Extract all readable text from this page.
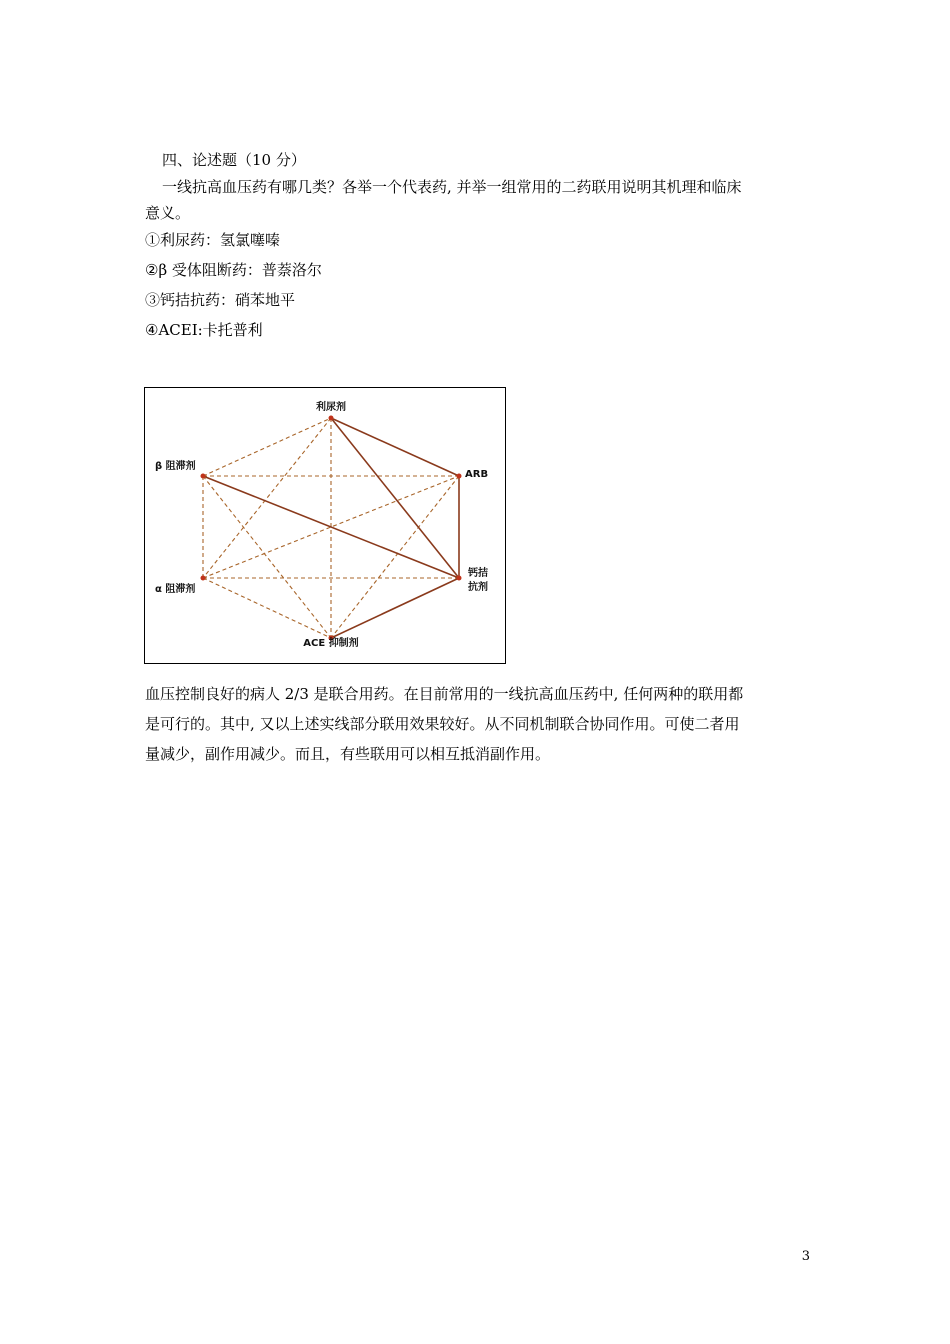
四、论述题（10 分）
一线抗高血压药有哪几类？各举一个代表药, 并举一组常用的二药联用说明其机理和临床
意义。
①利尿药：氢氯噻嗪
②β 受体阻断药：普萘洛尔
③钙拮抗药：硝苯地平
④ACEI:卡托普利
利尿剂
ARB
β 阻滞剂
α 阻滞剂
钙拮
抗剂
ACE 抑制剂
血压控制良好的病人 2/3 是联合用药。在目前常用的一线抗高血压药中, 任何两种的联用都
是可行的。其中, 又以上述实线部分联用效果较好。从不同机制联合协同作用。可使二者用
量减少，副作用减少。而且，有些联用可以相互抵消副作用。
3
